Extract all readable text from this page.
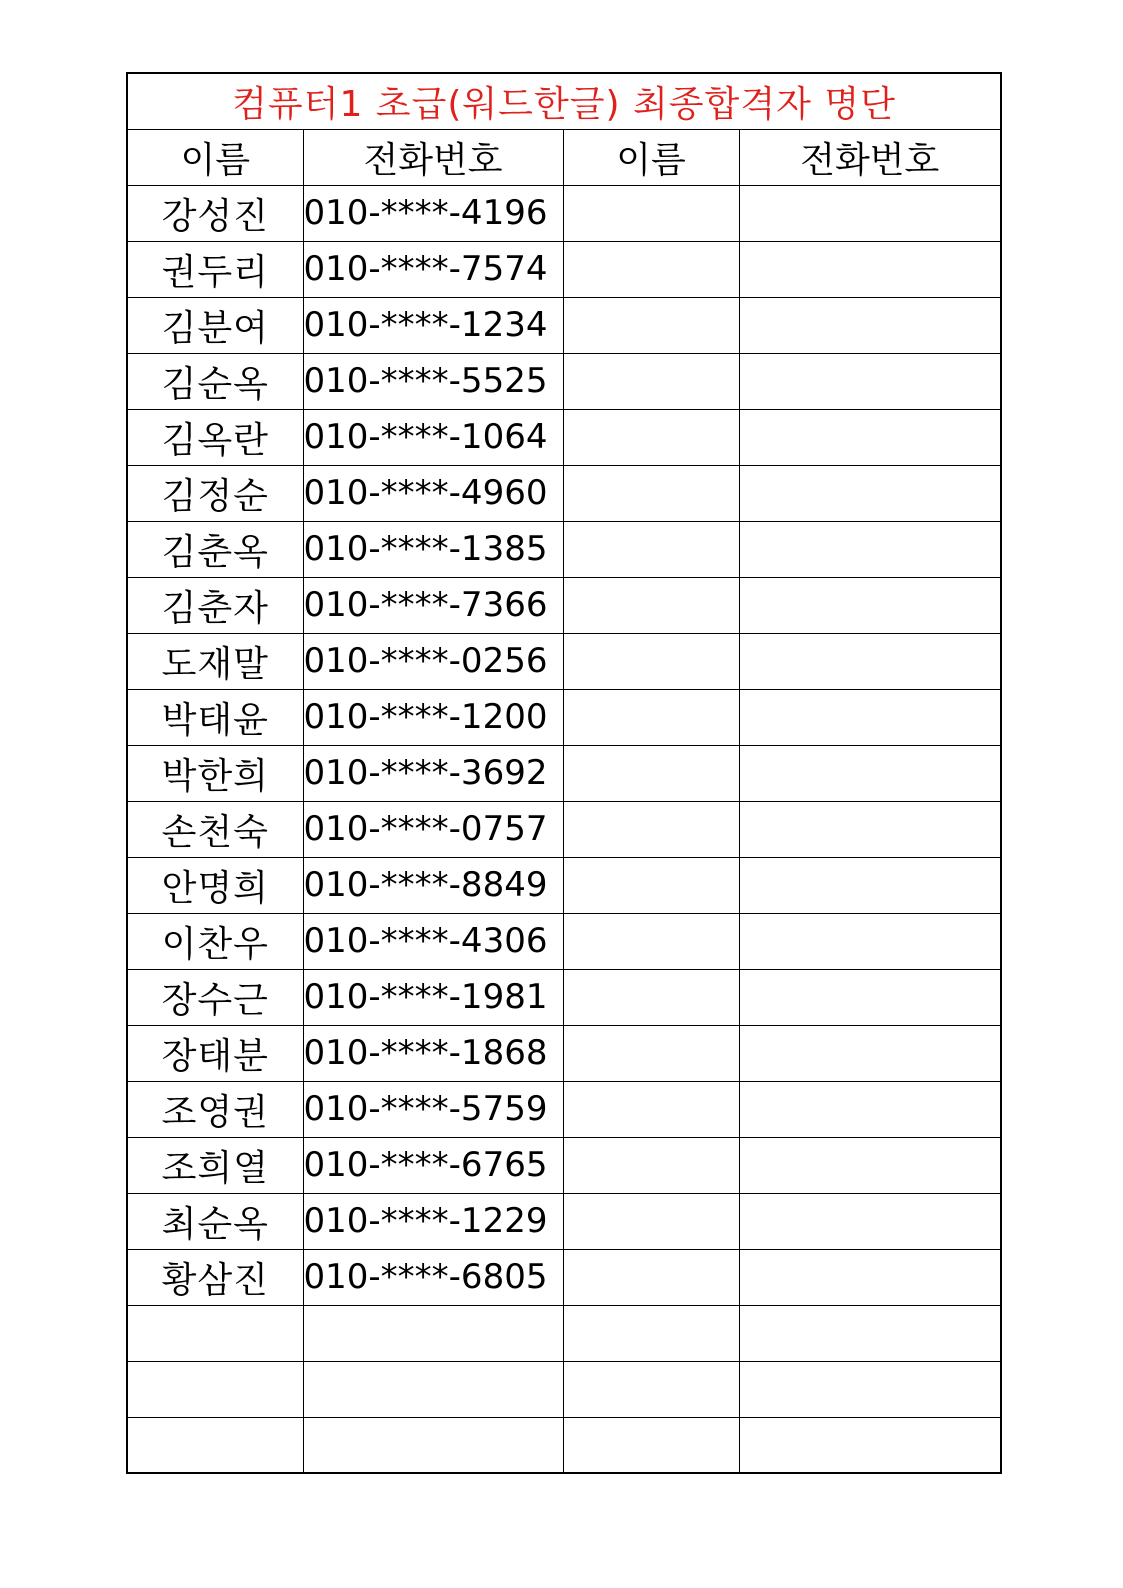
컴퓨터1 초급(워드한글) 최종합격자 명단			
이름	전화번호	이름	전화번호
강성진	010-****-4196		
권두리	010-****-7574		
김분여	010-****-1234		
김순옥	010-****-5525		
김옥란	010-****-1064		
김정순	010-****-4960		
김춘옥	010-****-1385		
김춘자	010-****-7366		
도재말	010-****-0256		
박태윤	010-****-1200		
박한희	010-****-3692		
손천숙	010-****-0757		
안명희	010-****-8849		
이찬우	010-****-4306		
장수근	010-****-1981		
장태분	010-****-1868		
조영권	010-****-5759		
조희열	010-****-6765		
최순옥	010-****-1229		
황삼진	010-****-6805		
